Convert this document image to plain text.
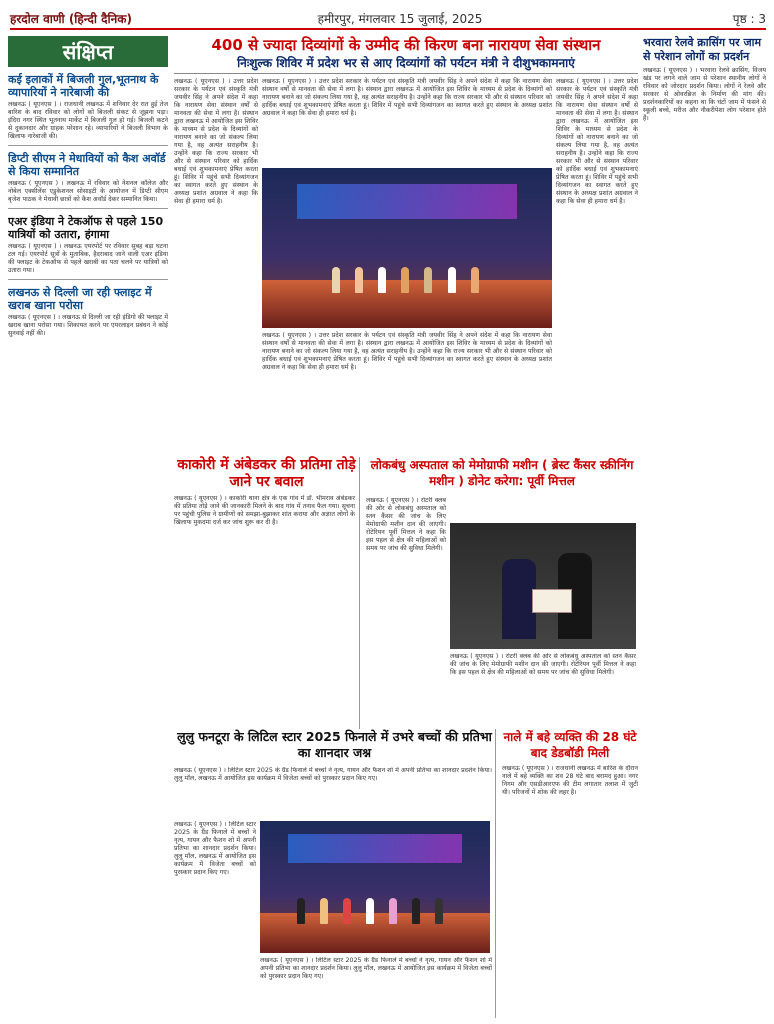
हरदोल वाणी (हिन्दी दैनिक)	हमीरपुर, मंगलवार 15 जुलाई, 2025	पृष्ठ : 3
संक्षिप्त
कई इलाकों में बिजली गुल,भूतनाथ के व्यापारियों ने नारेबाजी की

लखनऊ ( यूएनएस ) । राजधानी लखनऊ में शनिवार देर रात हुई तेज बारिश के बाद रविवार को लोगों को बिजली संकट से जूझना पड़ा। इंदिरा नगर स्थित भूतनाथ मार्केट में बिजली गुल हो गई। बिजली कटने से दुकानदार और ग्राहक परेशान रहे। व्यापारियों ने बिजली विभाग के खिलाफ नारेबाजी की।

डिप्टी सीएम ने मेधावियों को कैश अवॉर्ड से किया सम्मानित

लखनऊ ( यूएनएस ) । लखनऊ में रविवार को नेशनल कॉलेज और नोबेल एक्सीलेंस एडुकेशनल सोसाइटी के आयोजन में डिप्टी सीएम बृजेश पाठक ने मेधावी छात्रों को कैश अवॉर्ड देकर सम्मानित किया।

एअर इंडिया ने टेकऑफ से पहले 150 यात्रियों को उतारा, हंगामा

लखनऊ ( यूएनएस ) । लखनऊ एयरपोर्ट पर रविवार सुबह बड़ा घटना टल गई। एयरपोर्ट सूत्रों के मुताबिक, हैदराबाद जाने वाली एअर इंडिया की फ्लाइट के टेकऑफ से पहले खराबी का पता चलने पर यात्रियों को उतारा गया।

लखनऊ से दिल्ली जा रही फ्लाइट में खराब खाना परोसा

लखनऊ ( यूएनएस ) । लखनऊ से दिल्ली जा रही इंडिगो की फ्लाइट में खराब खाना परोसा गया। शिकायत करने पर एयरलाइन प्रबंधन ने कोई सुनवाई नहीं की।

400 से ज्यादा दिव्यांगों के उम्मीद की किरण बना नारायण सेवा संस्थान
निःशुल्क शिविर में प्रदेश भर से आए दिव्यांगों को पर्यटन मंत्री ने दीशुभकामनाएं
लखनऊ ( यूएनएस ) । उत्तर प्रदेश सरकार के पर्यटन एवं संस्कृति मंत्री जयवीर सिंह ने अपने संदेश में कहा कि नारायण सेवा संस्थान वर्षों से मानवता की सेवा में लगा है। संस्थान द्वारा लखनऊ में आयोजित इस शिविर के माध्यम से प्रदेश के दिव्यांगों को नारायण बनाने का जो संकल्प लिया गया है, वह अत्यंत सराहनीय है। उन्होंने कहा कि राज्य सरकार भी और से संस्थान परिवार को हार्दिक बधाई एवं शुभकामनाएं प्रेषित करता हूं। शिविर में पहुंचे सभी दिव्यांगजन का स्वागत करते हुए संस्थान के अध्यक्ष प्रशांत अग्रवाल ने कहा कि सेवा ही हमारा धर्म है।
लखनऊ ( यूएनएस ) । उत्तर प्रदेश सरकार के पर्यटन एवं संस्कृति मंत्री जयवीर सिंह ने अपने संदेश में कहा कि नारायण सेवा संस्थान वर्षों से मानवता की सेवा में लगा है। संस्थान द्वारा लखनऊ में आयोजित इस शिविर के माध्यम से प्रदेश के दिव्यांगों को नारायण बनाने का जो संकल्प लिया गया है, वह अत्यंत सराहनीय है। उन्होंने कहा कि राज्य सरकार भी और से संस्थान परिवार को हार्दिक बधाई एवं शुभकामनाएं प्रेषित करता हूं। शिविर में पहुंचे सभी दिव्यांगजन का स्वागत करते हुए संस्थान के अध्यक्ष प्रशांत अग्रवाल ने कहा कि सेवा ही हमारा धर्म है।
लखनऊ ( यूएनएस ) । उत्तर प्रदेश सरकार के पर्यटन एवं संस्कृति मंत्री जयवीर सिंह ने अपने संदेश में कहा कि नारायण सेवा संस्थान वर्षों से मानवता की सेवा में लगा है। संस्थान द्वारा लखनऊ में आयोजित इस शिविर के माध्यम से प्रदेश के दिव्यांगों को नारायण बनाने का जो संकल्प लिया गया है, वह अत्यंत सराहनीय है। उन्होंने कहा कि राज्य सरकार भी और से संस्थान परिवार को हार्दिक बधाई एवं शुभकामनाएं प्रेषित करता हूं। शिविर में पहुंचे सभी दिव्यांगजन का स्वागत करते हुए संस्थान के अध्यक्ष प्रशांत अग्रवाल ने कहा कि सेवा ही हमारा धर्म है।
लखनऊ ( यूएनएस ) । उत्तर प्रदेश सरकार के पर्यटन एवं संस्कृति मंत्री जयवीर सिंह ने अपने संदेश में कहा कि नारायण सेवा संस्थान वर्षों से मानवता की सेवा में लगा है। संस्थान द्वारा लखनऊ में आयोजित इस शिविर के माध्यम से प्रदेश के दिव्यांगों को नारायण बनाने का जो संकल्प लिया गया है, वह अत्यंत सराहनीय है। उन्होंने कहा कि राज्य सरकार भी और से संस्थान परिवार को हार्दिक बधाई एवं शुभकामनाएं प्रेषित करता हूं। शिविर में पहुंचे सभी दिव्यांगजन का स्वागत करते हुए संस्थान के अध्यक्ष प्रशांत अग्रवाल ने कहा कि सेवा ही हमारा धर्म है।
काकोरी में अंबेडकर की प्रतिमा तोड़े जाने पर बवाल
लखनऊ ( यूएनएस ) । काकोरी थाना क्षेत्र के एक गांव में डॉ. भीमराव अंबेडकर की प्रतिमा तोड़े जाने की जानकारी मिलने के बाद गांव में तनाव फैल गया। सूचना पर पहुंची पुलिस ने ग्रामीणों को समझा-बुझाकर शांत कराया और अज्ञात लोगों के खिलाफ मुकदमा दर्ज कर जांच शुरू कर दी है।
लोकबंधु अस्पताल को मेमोग्राफी मशीन ( ब्रेस्ट कैंसर स्क्रीनिंग मशीन ) डोनेट करेगा: पूर्वी मित्तल
लखनऊ ( यूएनएस ) । रोटरी क्लब की ओर से लोकबंधु अस्पताल को स्तन कैंसर की जांच के लिए मेमोग्राफी मशीन दान की जाएगी। रोटेरियन पूर्वी मित्तल ने कहा कि इस पहल से क्षेत्र की महिलाओं को समय पर जांच की सुविधा मिलेगी।
लखनऊ ( यूएनएस ) । रोटरी क्लब की ओर से लोकबंधु अस्पताल को स्तन कैंसर की जांच के लिए मेमोग्राफी मशीन दान की जाएगी। रोटेरियन पूर्वी मित्तल ने कहा कि इस पहल से क्षेत्र की महिलाओं को समय पर जांच की सुविधा मिलेगी।
लुलु फनटूरा के लिटिल स्टार 2025 फिनाले में उभरे बच्चों की प्रतिभा का शानदार जश्न
लखनऊ ( यूएनएस ) । लिटिल स्टार 2025 के ग्रैंड फिनाले में बच्चों ने नृत्य, गायन और फैशन शो में अपनी प्रतिभा का शानदार प्रदर्शन किया। लुलु मॉल, लखनऊ में आयोजित इस कार्यक्रम में विजेता बच्चों को पुरस्कार प्रदान किए गए।
लखनऊ ( यूएनएस ) । लिटिल स्टार 2025 के ग्रैंड फिनाले में बच्चों ने नृत्य, गायन और फैशन शो में अपनी प्रतिभा का शानदार प्रदर्शन किया। लुलु मॉल, लखनऊ में आयोजित इस कार्यक्रम में विजेता बच्चों को पुरस्कार प्रदान किए गए।
लखनऊ ( यूएनएस ) । लिटिल स्टार 2025 के ग्रैंड फिनाले में बच्चों ने नृत्य, गायन और फैशन शो में अपनी प्रतिभा का शानदार प्रदर्शन किया। लुलु मॉल, लखनऊ में आयोजित इस कार्यक्रम में विजेता बच्चों को पुरस्कार प्रदान किए गए।
नाले में बहे व्यक्ति की 28 घंटे बाद डेडबॉडी मिली
लखनऊ ( यूएनएस ) । राजधानी लखनऊ में बारिश के दौरान नाले में बहे व्यक्ति का शव 28 घंटे बाद बरामद हुआ। नगर निगम और एसडीआरएफ की टीम लगातार तलाश में जुटी थी। परिजनों में शोक की लहर है।
भरवारा रेलवे क्रासिंग पर जाम से परेशान लोगों का प्रदर्शन
लखनऊ ( यूएनएस ) । भरवारा रेलवे क्रासिंग, विजय खंड पर लगने वाले जाम से परेशान स्थानीय लोगों ने रविवार को जोरदार प्रदर्शन किया। लोगों ने रेलवे और सरकार से ओवरब्रिज के निर्माण की मांग की। प्रदर्शनकारियों का कहना था कि घंटों जाम में फंसने से स्कूली बच्चे, मरीज और नौकरीपेशा लोग परेशान होते हैं।
